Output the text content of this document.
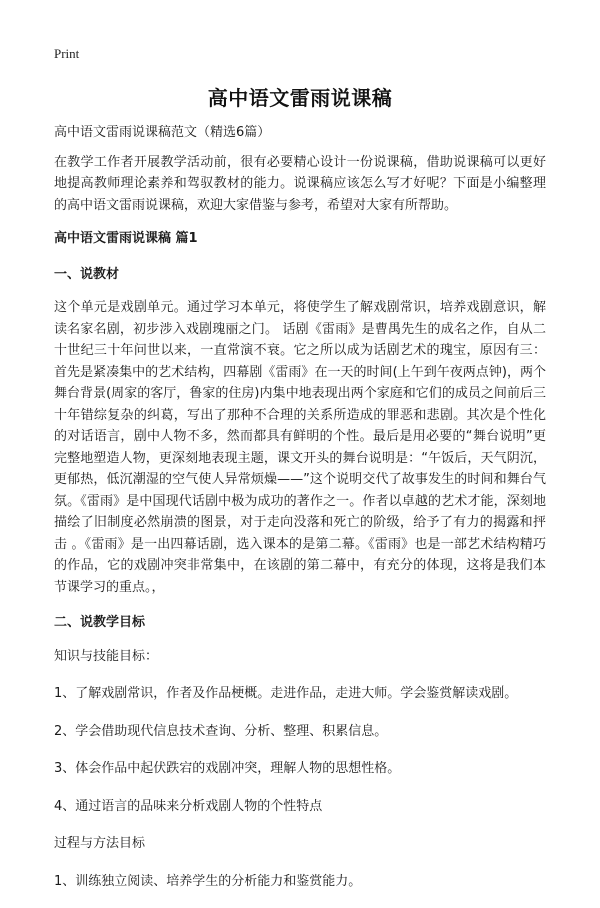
Print
高中语文雷雨说课稿

高中语文雷雨说课稿范文（精选6篇）

在教学工作者开展教学活动前，很有必要精心设计一份说课稿，借助说课稿可以更好地提高教师理论素养和驾驭教材的能力。说课稿应该怎么写才好呢？下面是小编整理的高中语文雷雨说课稿，欢迎大家借鉴与参考，希望对大家有所帮助。

高中语文雷雨说课稿 篇1

一、说教材

这个单元是戏剧单元。通过学习本单元，将使学生了解戏剧常识，培养戏剧意识，解读名家名剧，初步涉入戏剧瑰丽之门。 话剧《雷雨》是曹禺先生的成名之作，自从二十世纪三十年问世以来，一直常演不衰。它之所以成为话剧艺术的瑰宝，原因有三：首先是紧凑集中的艺术结构，四幕剧《雷雨》在一天的时间(上午到午夜两点钟)，两个舞台背景(周家的客厅，鲁家的住房)内集中地表现出两个家庭和它们的成员之间前后三十年错综复杂的纠葛，写出了那种不合理的关系所造成的罪恶和悲剧。其次是个性化的对话语言，剧中人物不多，然而都具有鲜明的个性。最后是用必要的“舞台说明”更完整地塑造人物，更深刻地表现主题，课文开头的舞台说明是：“午饭后，天气阴沉，更郁热，低沉潮湿的空气使人异常烦燥——”这个说明交代了故事发生的时间和舞台气氛。《雷雨》是中国现代话剧中极为成功的著作之一。作者以卓越的艺术才能，深刻地描绘了旧制度必然崩溃的图景，对于走向没落和死亡的阶级，给予了有力的揭露和抨击 。《雷雨》是一出四幕话剧，选入课本的是第二幕。《雷雨》也是一部艺术结构精巧的作品，它的戏剧冲突非常集中，在该剧的第二幕中，有充分的体现，这将是我们本节课学习的重点。，

二、说教学目标

知识与技能目标：

1、了解戏剧常识，作者及作品梗概。走进作品，走进大师。学会鉴赏解读戏剧。

2、学会借助现代信息技术查询、分析、整理、积累信息。

3、体会作品中起伏跌宕的戏剧冲突，理解人物的思想性格。

4、通过语言的品味来分析戏剧人物的个性特点

过程与方法目标

1、训练独立阅读、培养学生的分析能力和鉴赏能力。
